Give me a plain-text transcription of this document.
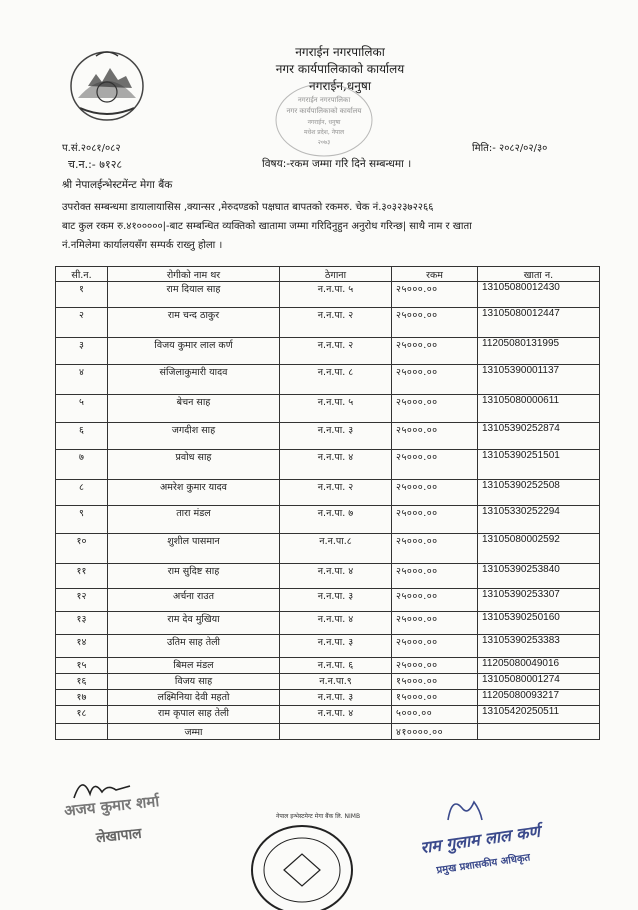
नगराईन नगरपालिका
नगर कार्यपालिकाको कार्यालय
नगराईन,धनुषा
नगराईन नगरपालिका
नगर कार्यपालिकाको कार्यालय
नगराईन, धनुषा
मधेश प्रदेश, नेपाल
२०७३
प.सं.२०८१/०८२
च.न.:- ७१२८
मिति:- २०८२/०२/३०
विषय:-रकम जम्मा गरि दिने सम्बन्धमा ।
श्री नेपालईन्भेस्टमेंन्ट मेगा बैंक
उपरोक्त सम्बन्धमा डायालायासिस ,क्यान्सर ,मेरुदण्डको पक्षघात बापतको रकमरु. चेक नं.३०३२३७२२६६
बाट कुल रकम रु.४१०००००|-बाट सम्बन्धित व्यक्तिको खातामा जम्मा गरिदिनुहुन अनुरोध गरिन्छ| साथै नाम र खाता
नं.नमिलेमा कार्यालयसँग सम्पर्क राख्नु होला ।
सी.न.	रोगीको नाम थर	ठेगाना	रकम	खाता न.
१	राम दियाल साह	न.न.पा. ५	२५०००.००	13105080012430
२	राम चन्द ठाकुर	न.न.पा. २	२५०००.००	13105080012447
३	विजय कुमार लाल कर्ण	न.न.पा. २	२५०००.००	11205080131995
४	संजिलाकुमारी यादव	न.न.पा. ८	२५०००.००	13105390001137
५	बेचन साह	न.न.पा. ५	२५०००.००	13105080000611
६	जगदीश साह	न.न.पा. ३	२५०००.००	13105390252874
७	प्रवोध साह	न.न.पा. ४	२५०००.००	13105390251501
८	अमरेश कुमार यादव	न.न.पा. २	२५०००.००	13105390252508
९	तारा मंडल	न.न.पा. ७	२५०००.००	13105330252294
१०	शुशील पासमान	न.न.पा.८	२५०००.००	13105080002592
११	राम सुदिष्ट साह	न.न.पा. ४	२५०००.००	13105390253840
१२	अर्चना राउत	न.न.पा. ३	२५०००.००	13105390253307
१३	राम देव मुखिया	न.न.पा. ४	२५०००.००	13105390250160
१४	उतिम साह तेली	न.न.पा. ३	२५०००.००	13105390253383
१५	बिमल मंडल	न.न.पा. ६	२५०००.००	11205080049016
१६	विजय साह	न.न.पा.९	१५०००.००	13105080001274
१७	लक्ष्मिनिया देवी महतो	न.न.पा. ३	१५०००.००	11205080093217
१८	राम कृपाल साह तेली	न.न.पा. ४	५०००.००	13105420250511
	जम्मा		४१००००.००	
अजय कुमार शर्मा
लेखापाल
नेपाल इन्भेस्टमेन्ट मेगा बैंक लि. NIMB
राम गुलाम लाल कर्ण
प्रमुख प्रशासकीय अधिकृत
